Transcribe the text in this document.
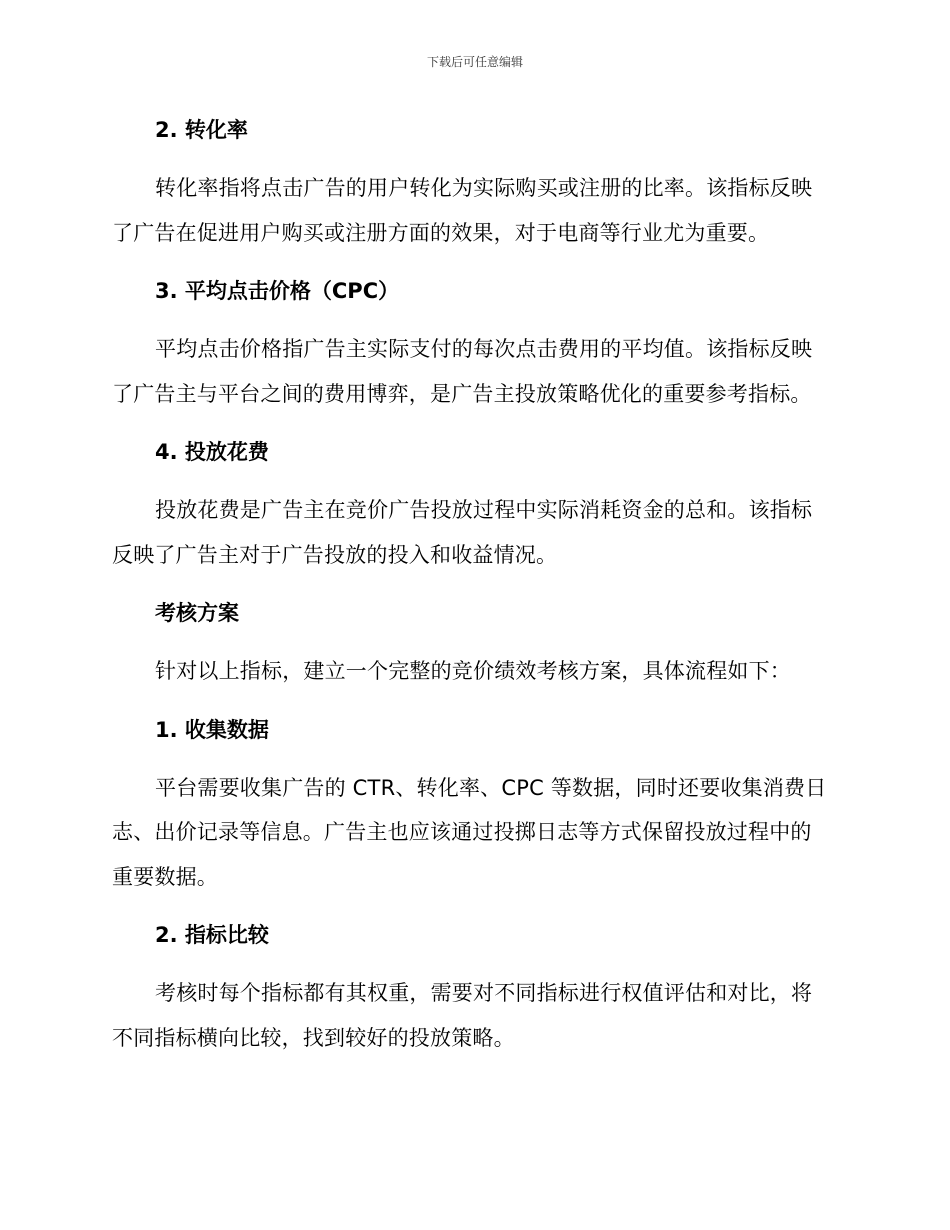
下载后可任意编辑
2. 转化率

转化率指将点击广告的用户转化为实际购买或注册的比率。该指标反映了广告在促进用户购买或注册方面的效果，对于电商等行业尤为重要。

3. 平均点击价格（CPC）

平均点击价格指广告主实际支付的每次点击费用的平均值。该指标反映了广告主与平台之间的费用博弈，是广告主投放策略优化的重要参考指标。

4. 投放花费

投放花费是广告主在竞价广告投放过程中实际消耗资金的总和。该指标反映了广告主对于广告投放的投入和收益情况。

考核方案

针对以上指标，建立一个完整的竞价绩效考核方案，具体流程如下：

1. 收集数据

平台需要收集广告的 CTR、转化率、CPC 等数据，同时还要收集消费日志、出价记录等信息。广告主也应该通过投掷日志等方式保留投放过程中的重要数据。

2. 指标比较

考核时每个指标都有其权重，需要对不同指标进行权值评估和对比，将不同指标横向比较，找到较好的投放策略。
